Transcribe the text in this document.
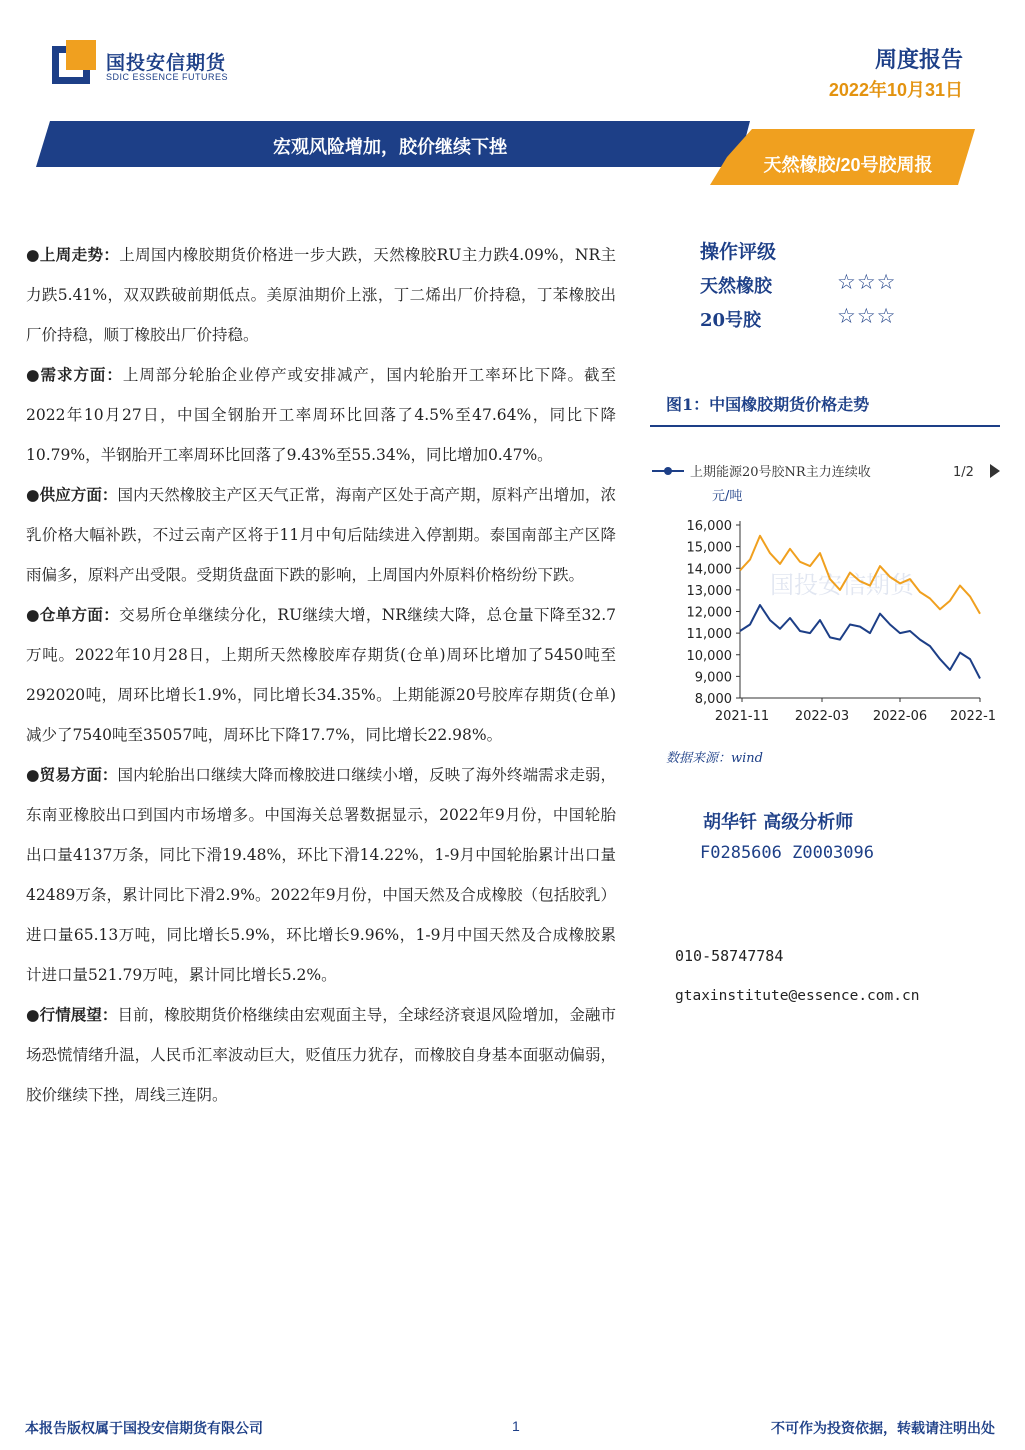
国投安信期货
SDIC ESSENCE FUTURES
周度报告
2022年10月31日
宏观风险增加，胶价继续下挫
天然橡胶/20号胶周报

●上周走势：上周国内橡胶期货价格进一步大跌，天然橡胶RU主力跌4.09%，NR主力跌5.41%，双双跌破前期低点。美原油期价上涨，丁二烯出厂价持稳，丁苯橡胶出厂价持稳，顺丁橡胶出厂价持稳。

●需求方面：上周部分轮胎企业停产或安排减产，国内轮胎开工率环比下降。截至2022年10月27日，中国全钢胎开工率周环比回落了4.5%至47.64%，同比下降10.79%，半钢胎开工率周环比回落了9.43%至55.34%，同比增加0.47%。

●供应方面：国内天然橡胶主产区天气正常，海南产区处于高产期，原料产出增加，浓乳价格大幅补跌，不过云南产区将于11月中旬后陆续进入停割期。泰国南部主产区降雨偏多，原料产出受限。受期货盘面下跌的影响，上周国内外原料价格纷纷下跌。

●仓单方面：交易所仓单继续分化，RU继续大增，NR继续大降，总仓量下降至32.7万吨。2022年10月28日，上期所天然橡胶库存期货(仓单)周环比增加了5450吨至292020吨，周环比增长1.9%，同比增长34.35%。上期能源20号胶库存期货(仓单)减少了7540吨至35057吨，周环比下降17.7%，同比增长22.98%。

●贸易方面：国内轮胎出口继续大降而橡胶进口继续小增，反映了海外终端需求走弱，东南亚橡胶出口到国内市场增多。中国海关总署数据显示，2022年9月份，中国轮胎出口量4137万条，同比下滑19.48%，环比下滑14.22%，1-9月中国轮胎累计出口量42489万条，累计同比下滑2.9%。2022年9月份，中国天然及合成橡胶（包括胶乳）进口量65.13万吨，同比增长5.9%，环比增长9.96%，1-9月中国天然及合成橡胶累计进口量521.79万吨，累计同比增长5.2%。

●行情展望：目前，橡胶期货价格继续由宏观面主导，全球经济衰退风险增加，金融市场恐慌情绪升温，人民币汇率波动巨大，贬值压力犹存，而橡胶自身基本面驱动偏弱，胶价继续下挫，周线三连阴。

操作评级
天然橡胶	☆☆☆
20号胶	☆☆☆
图1：中国橡胶期货价格走势
上期能源20号胶NR主力连续收	1/2
元/吨
国投安信期货
16,000
15,000
14,000
13,000
12,000
11,000
10,000
9,000
8,000
2021-11 2022-03 2022-06 2022-1
数据来源：wind
胡华钎 高级分析师
F0285606 Z0003096
010-58747784
gtaxinstitute@essence.com.cn
本报告版权属于国投安信期货有限公司	1	不可作为投资依据，转载请注明出处
